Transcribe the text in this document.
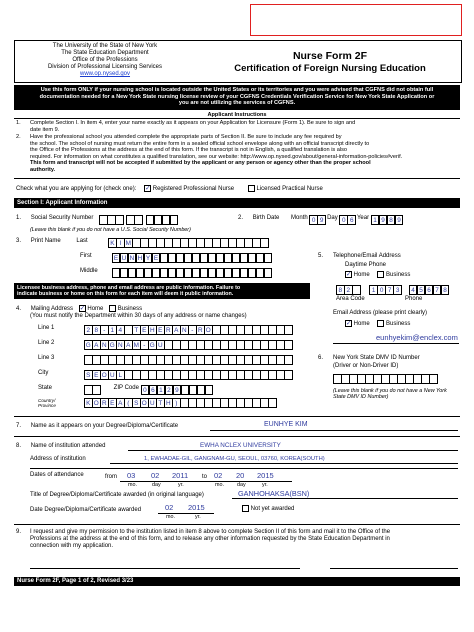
The University of the State of New York
The State Education Department
Office of the Professions
Division of Professional Licensing Services
www.op.nysed.gov
Nurse Form 2F
Certification of Foreign Nursing Education
Use this form ONLY if your nursing school is located outside the United States or its territories and you were advised that CGFNS did not obtain full
documentation needed for a New York State nursing license review of your CGFNS Credentials Verification Service for New York State Application or
you are not utilizing the services of CGFNS.
Applicant Instructions
1. Complete Section I. In item 4, enter your name exactly as it appears on your Application for Licensure (Form 1). Be sure to sign and
date item 9.
2. Have the professional school you attended complete the appropriate parts of Section II. Be sure to include any fee required by
the school. The school of nursing must return the entire form in a sealed official school envelope along with an official transcript directly to
the Office of the Professions at the address at the end of this form. If the transcript is not in English, a qualified translation is also
required. For information on what constitutes a qualified translation, see our website: http://www.op.nysed.gov/about/general-information-policies#verif.
This form and transcript will not be accepted if submitted by the applicant or any person or agency other than the proper school
authority.
Check what you are applying for (check one): ✓ Registered Professional Nurse	Licensed Practical Nurse
Section I: Applicant Information
1. Social Security Number
(Leave this blank if you do not have a U.S. Social Security Number)
2. Birth Date Month 0 9 Day 0 6 Year 1 9 8 9
3. Print Name	Last	K I M
First	E U N H Y E
Middle
5. Telephone/Email Address
Daytime Phone
✓ Home	Business
8 2	1 0 7 3 4 5 6 7 8
Area Code	Phone
Licensee business address, phone and email address are public information. Failure to
indicate business or home on this form for each item will deem it public information.
4. Mailing Address ✓ Home Business
(You must notify the Department within 30 days of any address or name changes)
Line 1	2 8 - 1 4 T E H E R A N - R O
Line 2	G A N G N A M - G U
Line 3
City	S E O U L
State	ZIP Code 0 6 1 2 9
Country/ Province	K O R E A ( S O U T H )
Email Address (please print clearly)
✓ Home	Business
eunhyekim@enclex.com
6. New York State DMV ID Number
(Driver or Non-Driver ID)
(Leave this blank if you do not have a New York State DMV ID Number)
7. Name as it appears on your Degree/Diploma/Certificate	EUNHYE KIM
8. Name of institution attended	EWHA NCLEX UNIVERSITY
Address of institution	1, EWHADAE-GIL, GANGNAM-GU, SEOUL, 03760, KOREA(SOUTH)
Dates of attendance	from 03 02 2011 to 02 20 2015
mo.	day	yr.	mo. day	yr.
Title of Degree/Diploma/Certificate awarded (in original language)	GANHOHAKSA(BSN)
Date Degree/Diploma/Certificate awarded	02 2015
mo.	yr.
Not yet awarded
9. I request and give my permission to the institution listed in item 8 above to complete Section II of this form and mail it to the Office of the
Professions at the address at the end of this form, and to release any other information requested by the State Education Department in
connection with my application.
Nurse Form 2F, Page 1 of 2, Revised 3/23
